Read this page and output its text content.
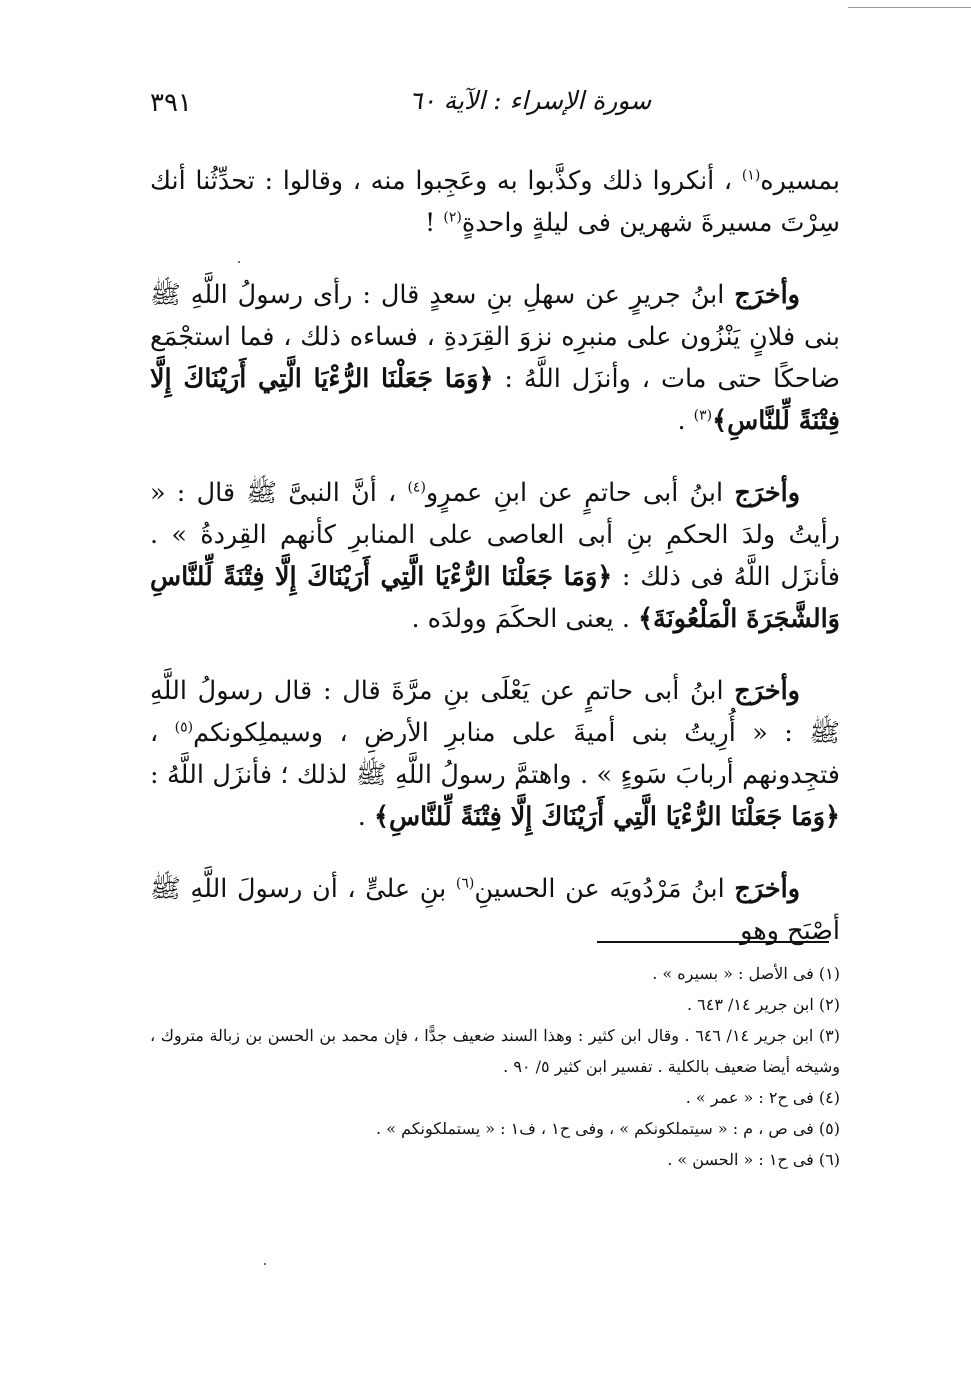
٣٩١	سورة الإسراء : الآية ٦٠

بمسيره$^{(١)}$ ، أنكروا ذلك وكذَّبوا به وعَجِبوا منه ، وقالوا : تحدِّثُنا أنك سِرْتَ مسيرةَ شهرين فى ليلةٍ واحدةٍ$^{(٢)}$ !

وأخرَج ابنُ جريرٍ عن سهلِ بنِ سعدٍ قال : رأى رسولُ اللَّهِ ﷺ بنى فلانٍ يَنْزُون على منبرِه نزوَ القِرَدةِ ، فساءه ذلك ، فما استجْمَع ضاحكًا حتى مات ، وأنزَل اللَّهُ : ﴿وَمَا جَعَلْنَا الرُّءْيَا الَّتِي أَرَيْنَاكَ إِلَّا فِتْنَةً لِّلنَّاسِ﴾$^{(٣)}$ .

وأخرَج ابنُ أبى حاتمٍ عن ابنِ عمرٍو$^{(٤)}$ ، أنَّ النبىَّ ﷺ قال : « رأيتُ ولدَ الحكمِ بنِ أبى العاصى على المنابرِ كأنهم القِردةُ » . فأنزَل اللَّهُ فى ذلك : ﴿وَمَا جَعَلْنَا الرُّءْيَا الَّتِي أَرَيْنَاكَ إِلَّا فِتْنَةً لِّلنَّاسِ وَالشَّجَرَةَ الْمَلْعُونَةَ﴾ . يعنى الحكَمَ وولدَه .

وأخرَج ابنُ أبى حاتمٍ عن يَعْلَى بنِ مرَّةَ قال : قال رسولُ اللَّهِ ﷺ : « أُرِيتُ بنى أميةَ على منابرِ الأرضِ ، وسيملِكونكم$^{(٥)}$ ، فتجِدونهم أربابَ سَوءٍ » . واهتمَّ رسولُ اللَّهِ ﷺ لذلك ؛ فأنزَل اللَّهُ : ﴿وَمَا جَعَلْنَا الرُّءْيَا الَّتِي أَرَيْنَاكَ إِلَّا فِتْنَةً لِّلنَّاسِ﴾ .

وأخرَج ابنُ مَرْدُويَه عن الحسينِ$^{(٦)}$ بنِ علىٍّ ، أن رسولَ اللَّهِ ﷺ أصْبَح وهو

(١) فى الأصل : « بسيره » .

(٢) ابن جرير ١٤/ ٦٤٣ .

(٣) ابن جرير ١٤/ ٦٤٦ . وقال ابن كثير : وهذا السند ضعيف جدًّا ، فإن محمد بن الحسن بن زبالة متروك ، وشيخه أيضا ضعيف بالكلية . تفسير ابن كثير ٥/ ٩٠ .

(٤) فى ح٢ : « عمر » .

(٥) فى ص ، م : « سيتملكونكم » ، وفى ح١ ، ف١ : « يستملكونكم » .

(٦) فى ح١ : « الحسن » .
